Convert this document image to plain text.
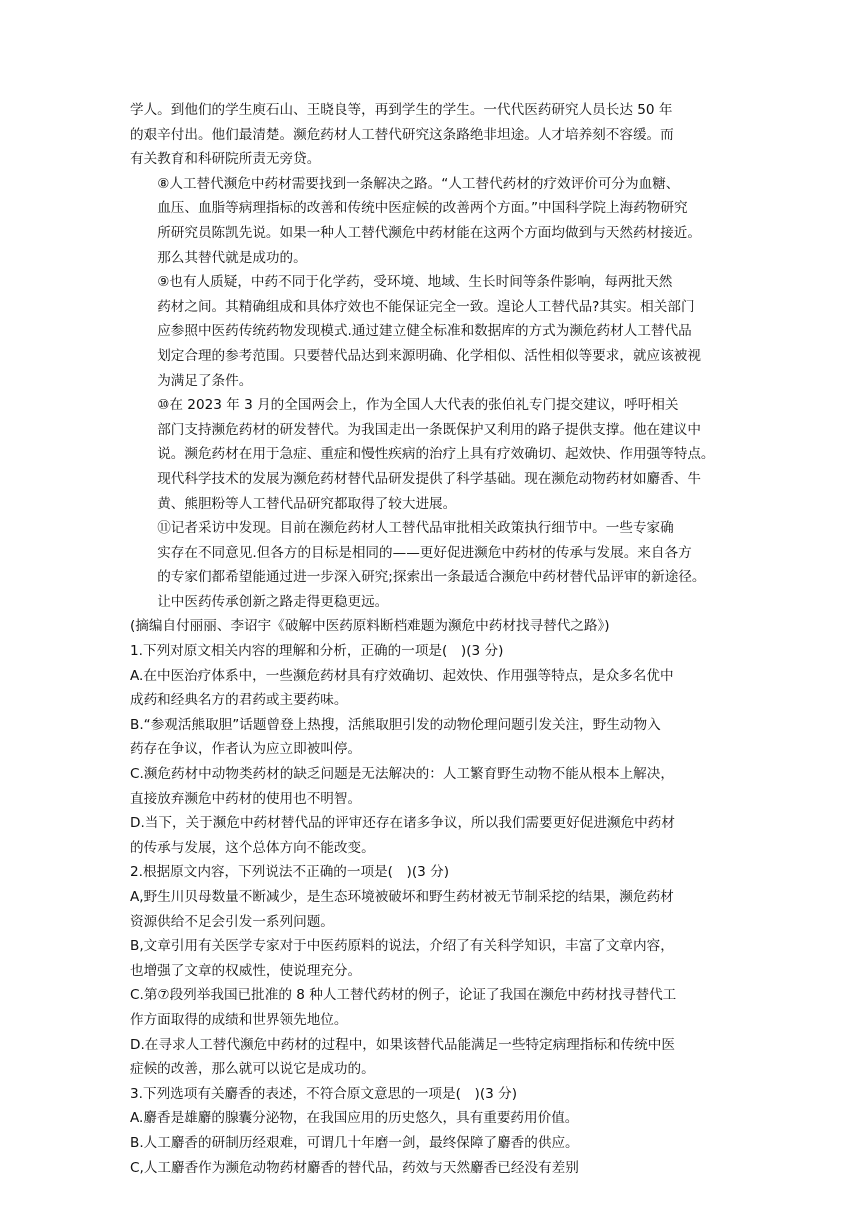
学人。到他们的学生庾石山、王晓良等，再到学生的学生。一代代医药研究人员长达 50 年
的艰辛付出。他们最清楚。濒危药材人工替代研究这条路绝非坦途。人才培养刻不容缓。而
有关教育和科研院所责无旁贷。
⑧人工替代濒危中药材需要找到一条解决之路。“人工替代药材的疗效评价可分为血糖、
血压、血脂等病理指标的改善和传统中医症候的改善两个方面。”中国科学院上海药物研究
所研究员陈凯先说。如果一种人工替代濒危中药材能在这两个方面均做到与天然药材接近。
那么其替代就是成功的。
⑨也有人质疑，中药不同于化学药，受环境、地域、生长时间等条件影响，每两批天然
药材之间。其精确组成和具体疗效也不能保证完全一致。遑论人工替代品?其实。相关部门
应参照中医药传统药物发现模式.通过建立健全标准和数据库的方式为濒危药材人工替代品
划定合理的参考范围。只要替代品达到来源明确、化学相似、活性相似等要求，就应该被视
为满足了条件。
⑩在 2023 年 3 月的全国两会上，作为全国人大代表的张伯礼专门提交建议，呼吁相关
部门支持濒危药材的研发替代。为我国走出一条既保护又利用的路子提供支撑。他在建议中
说。濒危药材在用于急症、重症和慢性疾病的治疗上具有疗效确切、起效快、作用强等特点。
现代科学技术的发展为濒危药材替代品研发提供了科学基础。现在濒危动物药材如麝香、牛
黄、熊胆粉等人工替代品研究都取得了较大进展。
⑪记者采访中发现。目前在濒危药材人工替代品审批相关政策执行细节中。一些专家确
实存在不同意见.但各方的目标是相同的——更好促进濒危中药材的传承与发展。来自各方
的专家们都希望能通过进一步深入研究;探索出一条最适合濒危中药材替代品评审的新途径。
让中医药传承创新之路走得更稳更远。
(摘编自付丽丽、李诏宇《破解中医药原料断档难题为濒危中药材找寻替代之路》)
1.下列对原文相关内容的理解和分析，正确的一项是(　)(3 分)
A.在中医治疗体系中，一些濒危药材具有疗效确切、起效快、作用强等特点，是众多名优中
成药和经典名方的君药或主要药味。
B.“参观活熊取胆”话题曾登上热搜，活熊取胆引发的动物伦理问题引发关注，野生动物入
药存在争议，作者认为应立即被叫停。
C.濒危药材中动物类药材的缺乏问题是无法解决的：人工繁育野生动物不能从根本上解决，
直接放弃濒危中药材的使用也不明智。
D.当下，关于濒危中药材替代品的评审还存在诸多争议，所以我们需要更好促进濒危中药材
的传承与发展，这个总体方向不能改变。
2.根据原文内容，下列说法不正确的一项是(　)(3 分)
A,野生川贝母数量不断减少，是生态环境被破坏和野生药材被无节制采挖的结果，濒危药材
资源供给不足会引发一系列问题。
B,文章引用有关医学专家对于中医药原料的说法，介绍了有关科学知识，丰富了文章内容，
也增强了文章的权威性，使说理充分。
C.第⑦段列举我国已批准的 8 种人工替代药材的例子，论证了我国在濒危中药材找寻替代工
作方面取得的成绩和世界领先地位。
D.在寻求人工替代濒危中药材的过程中，如果该替代品能满足一些特定病理指标和传统中医
症候的改善，那么就可以说它是成功的。
3.下列选项有关麝香的表述，不符合原文意思的一项是(　)(3 分)
A.麝香是雄麝的腺囊分泌物，在我国应用的历史悠久，具有重要药用价值。
B.人工麝香的研制历经艰难，可谓几十年磨一剑，最终保障了麝香的供应。
C,人工麝香作为濒危动物药材麝香的替代品，药效与天然麝香已经没有差别
